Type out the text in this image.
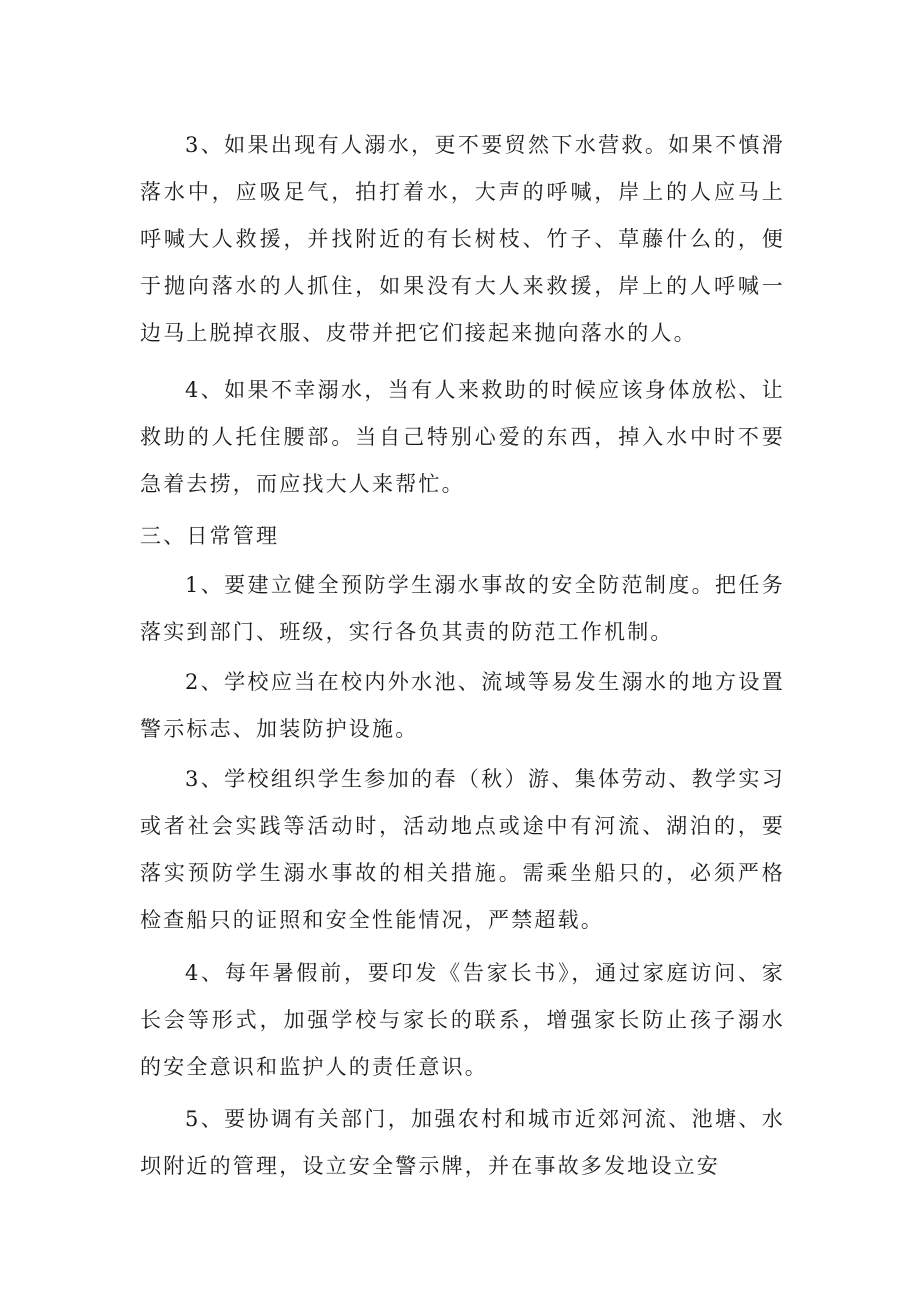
3、如果出现有人溺水，更不要贸然下水营救。如果不慎滑落水中，应吸足气，拍打着水，大声的呼喊，岸上的人应马上呼喊大人救援，并找附近的有长树枝、竹子、草藤什么的，便于抛向落水的人抓住，如果没有大人来救援，岸上的人呼喊一边马上脱掉衣服、皮带并把它们接起来抛向落水的人。

4、如果不幸溺水，当有人来救助的时候应该身体放松、让救助的人托住腰部。当自己特别心爱的东西，掉入水中时不要急着去捞，而应找大人来帮忙。

三、日常管理

1、要建立健全预防学生溺水事故的安全防范制度。把任务落实到部门、班级，实行各负其责的防范工作机制。

2、学校应当在校内外水池、流域等易发生溺水的地方设置警示标志、加装防护设施。

3、学校组织学生参加的春（秋）游、集体劳动、教学实习或者社会实践等活动时，活动地点或途中有河流、湖泊的，要落实预防学生溺水事故的相关措施。需乘坐船只的，必须严格检查船只的证照和安全性能情况，严禁超载。

4、每年暑假前，要印发《告家长书》，通过家庭访问、家长会等形式，加强学校与家长的联系，增强家长防止孩子溺水的安全意识和监护人的责任意识。

5、要协调有关部门，加强农村和城市近郊河流、池塘、水坝附近的管理，设立安全警示牌，并在事故多发地设立安
